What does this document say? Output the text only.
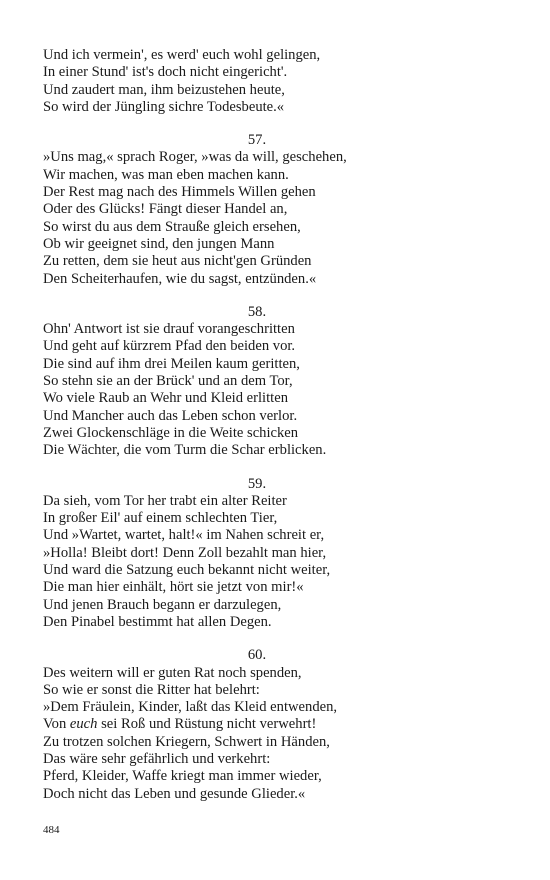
Und ich vermein', es werd' euch wohl gelingen,
In einer Stund' ist's doch nicht eingericht'.
Und zaudert man, ihm beizustehen heute,
So wird der Jüngling sichre Todesbeute.«
57.
»Uns mag,« sprach Roger, »was da will, geschehen,
Wir machen, was man eben machen kann.
Der Rest mag nach des Himmels Willen gehen
Oder des Glücks! Fängt dieser Handel an,
So wirst du aus dem Strauße gleich ersehen,
Ob wir geeignet sind, den jungen Mann
Zu retten, dem sie heut aus nicht'gen Gründen
Den Scheiterhaufen, wie du sagst, entzünden.«
58.
Ohn' Antwort ist sie drauf vorangeschritten
Und geht auf kürzrem Pfad den beiden vor.
Die sind auf ihm drei Meilen kaum geritten,
So stehn sie an der Brück' und an dem Tor,
Wo viele Raub an Wehr und Kleid erlitten
Und Mancher auch das Leben schon verlor.
Zwei Glockenschläge in die Weite schicken
Die Wächter, die vom Turm die Schar erblicken.
59.
Da sieh, vom Tor her trabt ein alter Reiter
In großer Eil' auf einem schlechten Tier,
Und »Wartet, wartet, halt!« im Nahen schreit er,
»Holla! Bleibt dort! Denn Zoll bezahlt man hier,
Und ward die Satzung euch bekannt nicht weiter,
Die man hier einhält, hört sie jetzt von mir!«
Und jenen Brauch begann er darzulegen,
Den Pinabel bestimmt hat allen Degen.
60.
Des weitern will er guten Rat noch spenden,
So wie er sonst die Ritter hat belehrt:
»Dem Fräulein, Kinder, laßt das Kleid entwenden,
Von euch sei Roß und Rüstung nicht verwehrt!
Zu trotzen solchen Kriegern, Schwert in Händen,
Das wäre sehr gefährlich und verkehrt:
Pferd, Kleider, Waffe kriegt man immer wieder,
Doch nicht das Leben und gesunde Glieder.«
484
